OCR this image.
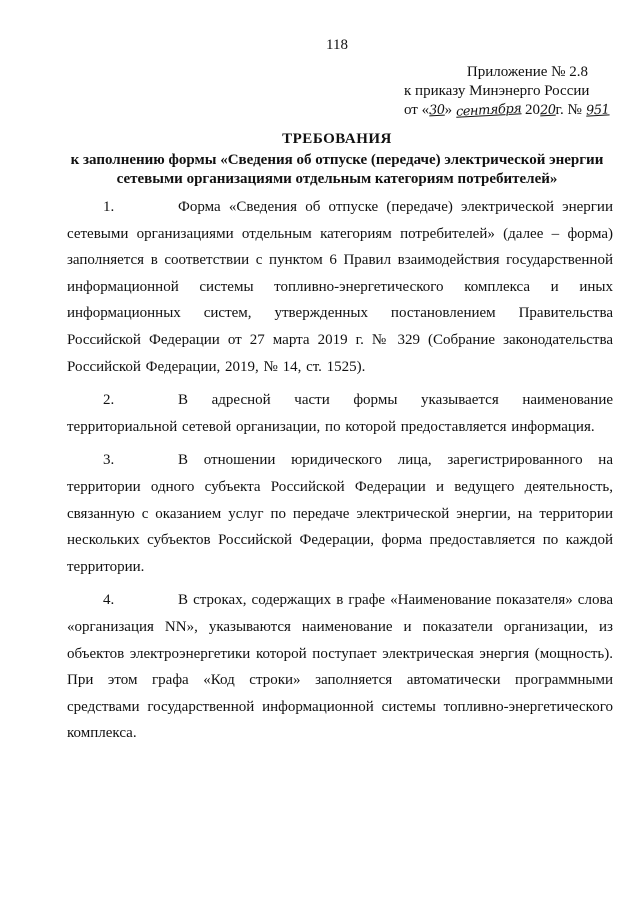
118
Приложение № 2.8
к приказу Минэнерго России
от «30» сентября 2020г. № 951
ТРЕБОВАНИЯ
к заполнению формы «Сведения об отпуске (передаче) электрической энергии
сетевыми организациями отдельным категориям потребителей»

1.	Форма «Сведения об отпуске (передаче) электрической энергии сетевыми организациями отдельным категориям потребителей» (далее – форма) заполняется в соответствии с пунктом 6 Правил взаимодействия государственной информационной системы топливно-энергетического комплекса и иных информационных систем, утвержденных постановлением Правительства Российской Федерации от 27 марта 2019 г. № 329 (Собрание законодательства Российской Федерации, 2019, № 14, ст. 1525).

2.	В адресной части формы указывается наименование территориальной сетевой организации, по которой предоставляется информация.

3.	В отношении юридического лица, зарегистрированного на территории одного субъекта Российской Федерации и ведущего деятельность, связанную с оказанием услуг по передаче электрической энергии, на территории нескольких субъектов Российской Федерации, форма предоставляется по каждой территории.

4.	В строках, содержащих в графе «Наименование показателя» слова «организация NN», указываются наименование и показатели организации, из объектов электроэнергетики которой поступает электрическая энергия (мощность). При этом графа «Код строки» заполняется автоматически программными средствами государственной информационной системы топливно-энергетического комплекса.
